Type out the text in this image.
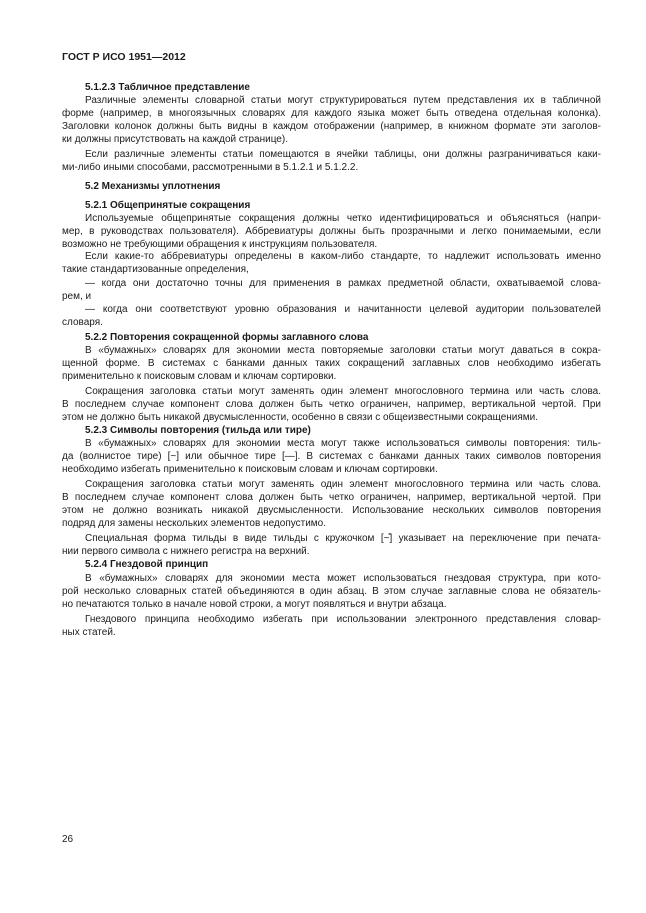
ГОСТ Р ИСО 1951—2012
5.1.2.3 Табличное представление
Различные элементы словарной статьи могут структурироваться путем представления их в табличной
форме (например, в многоязычных словарях для каждого языка может быть отведена отдельная колонка).
Заголовки колонок должны быть видны в каждом отображении (например, в книжном формате эти заголов-
ки должны присутствовать на каждой странице).
Если различные элементы статьи помещаются в ячейки таблицы, они должны разграничиваться каки-
ми-либо иными способами, рассмотренными в 5.1.2.1 и 5.1.2.2.
5.2 Механизмы уплотнения
5.2.1 Общепринятые сокращения
Используемые общепринятые сокращения должны четко идентифицироваться и объясняться (напри-
мер, в руководствах пользователя). Аббревиатуры должны быть прозрачными и легко понимаемыми, если
возможно не требующими обращения к инструкциям пользователя.
Если какие-то аббревиатуры определены в каком-либо стандарте, то надлежит использовать именно
такие стандартизованные определения,
— когда они достаточно точны для применения в рамках предметной области, охватываемой слова-
рем, и
— когда они соответствуют уровню образования и начитанности целевой аудитории пользователей
словаря.
5.2.2 Повторения сокращенной формы заглавного слова
В «бумажных» словарях для экономии места повторяемые заголовки статьи могут даваться в сокра-
щенной форме. В системах с банками данных таких сокращений заглавных слов необходимо избегать
применительно к поисковым словам и ключам сортировки.
Сокращения заголовка статьи могут заменять один элемент многословного термина или часть слова.
В последнем случае компонент слова должен быть четко ограничен, например, вертикальной чертой. При
этом не должно быть никакой двусмысленности, особенно в связи с общеизвестными сокращениями.
5.2.3 Символы повторения (тильда или тире)
В «бумажных» словарях для экономии места могут также использоваться символы повторения: тиль-
да (волнистое тире) [~] или обычное тире [—]. В системах с банками данных таких символов повторения
необходимо избегать применительно к поисковым словам и ключам сортировки.
Сокращения заголовка статьи могут заменять один элемент многословного термина или часть слова.
В последнем случае компонент слова должен быть четко ограничен, например, вертикальной чертой. При
этом не должно возникать никакой двусмысленности. Использование нескольких символов повторения
подряд для замены нескольких элементов недопустимо.
Специальная форма тильды в виде тильды с кружочком [~̊] указывает на переключение при печата-
нии первого символа с нижнего регистра на верхний.
5.2.4 Гнездовой принцип
В «бумажных» словарях для экономии места может использоваться гнездовая структура, при кото-
рой несколько словарных статей объединяются в один абзац. В этом случае заглавные слова не обязатель-
но печатаются только в начале новой строки, а могут появляться и внутри абзаца.
Гнездового принципа необходимо избегать при использовании электронного представления словар-
ных статей.
26
